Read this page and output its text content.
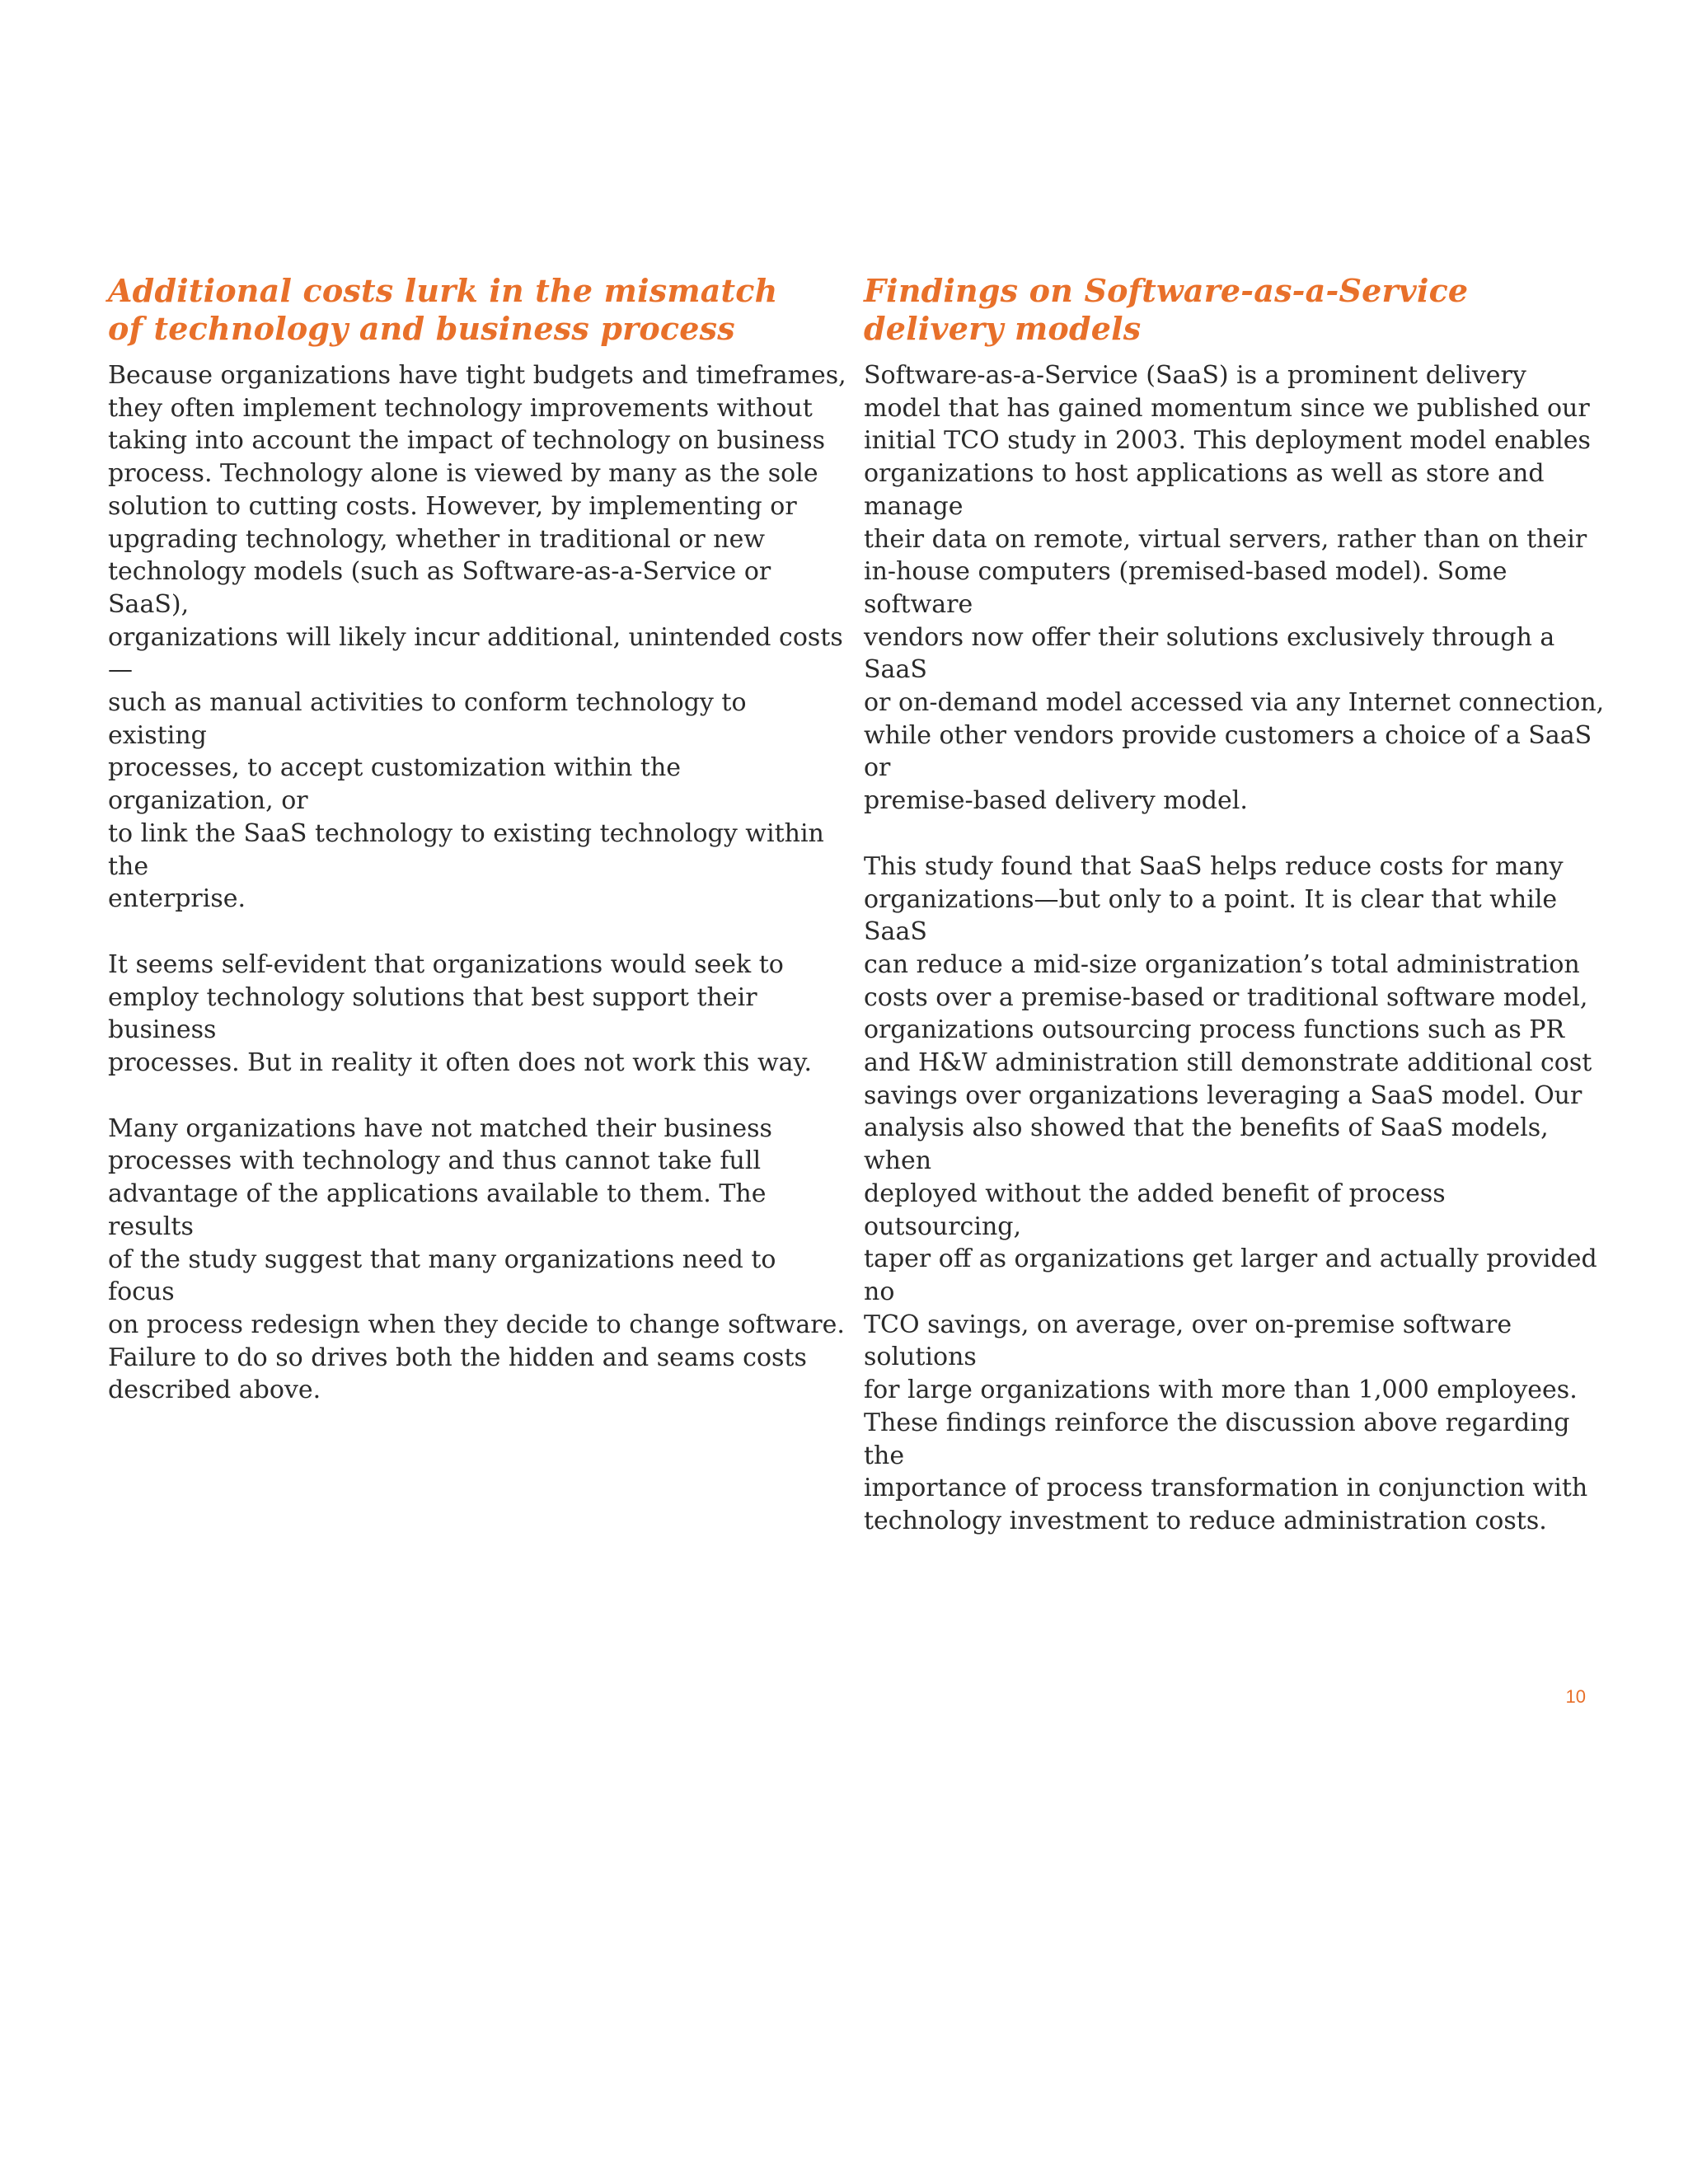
Additional costs lurk in the mismatch
of technology and business process

Because organizations have tight budgets and timeframes,
they often implement technology improvements without
taking into account the impact of technology on business
process. Technology alone is viewed by many as the sole
solution to cutting costs. However, by implementing or
upgrading technology, whether in traditional or new
technology models (such as Software-as-a-Service or SaaS),
organizations will likely incur additional, unintended costs—
such as manual activities to conform technology to existing
processes, to accept customization within the organization, or
to link the SaaS technology to existing technology within the
enterprise.

It seems self-evident that organizations would seek to
employ technology solutions that best support their business
processes. But in reality it often does not work this way.

Many organizations have not matched their business
processes with technology and thus cannot take full
advantage of the applications available to them. The results
of the study suggest that many organizations need to focus
on process redesign when they decide to change software.
Failure to do so drives both the hidden and seams costs
described above.

Findings on Software-as-a-Service
delivery models

Software-as-a-Service (SaaS) is a prominent delivery
model that has gained momentum since we published our
initial TCO study in 2003. This deployment model enables
organizations to host applications as well as store and manage
their data on remote, virtual servers, rather than on their
in-house computers (premised-based model). Some software
vendors now offer their solutions exclusively through a SaaS
or on-demand model accessed via any Internet connection,
while other vendors provide customers a choice of a SaaS or
premise-based delivery model.

This study found that SaaS helps reduce costs for many
organizations—but only to a point. It is clear that while SaaS
can reduce a mid-size organization’s total administration
costs over a premise-based or traditional software model,
organizations outsourcing process functions such as PR
and H&W administration still demonstrate additional cost
savings over organizations leveraging a SaaS model. Our
analysis also showed that the benefits of SaaS models, when
deployed without the added benefit of process outsourcing,
taper off as organizations get larger and actually provided no
TCO savings, on average, over on-premise software solutions
for large organizations with more than 1,000 employees.
These findings reinforce the discussion above regarding the
importance of process transformation in conjunction with
technology investment to reduce administration costs.

10
